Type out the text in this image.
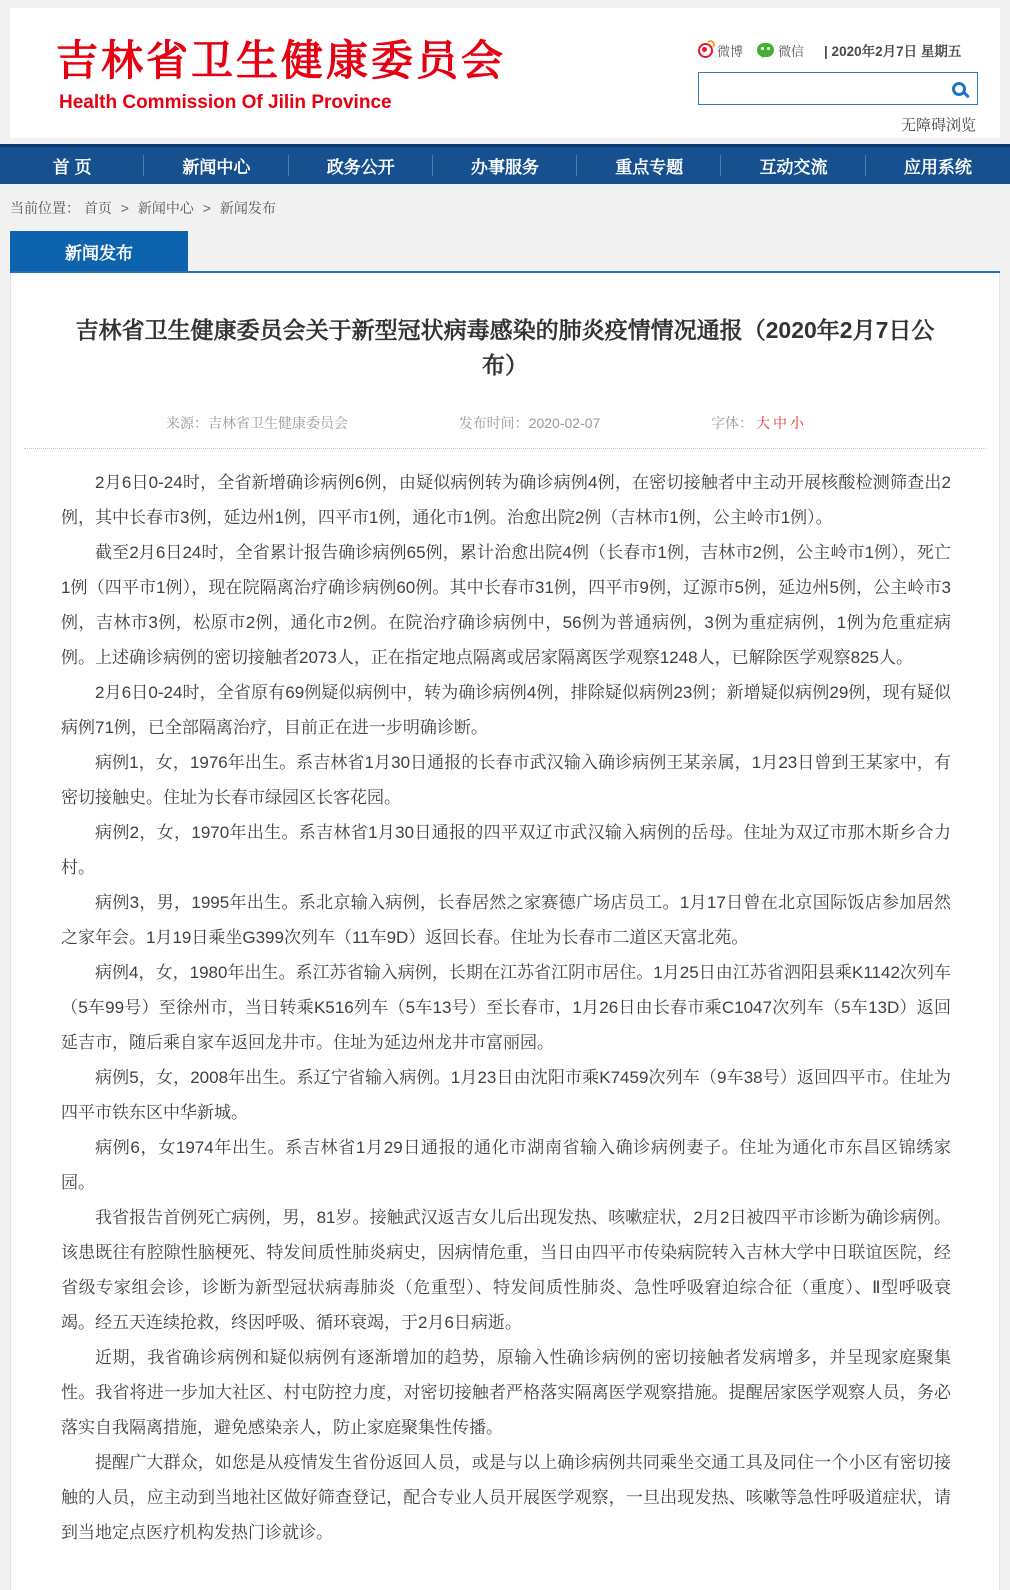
吉林省卫生健康委员会
Health Commission Of Jilin Province
微博	微信 | 2020年2月7日 星期五
无障碍浏览
首 页	新闻中心	政务公开	办事服务	重点专题	互动交流	应用系统
当前位置： 首页 > 新闻中心 > 新闻发布
新闻发布
吉林省卫生健康委员会关于新型冠状病毒感染的肺炎疫情情况通报（2020年2月7日公布）
来源：吉林省卫生健康委员会	发布时间：2020-02-07	字体： 大 中 小

2月6日0-24时，全省新增确诊病例6例，由疑似病例转为确诊病例4例，在密切接触者中主动开展核酸检测筛查出2例，其中长春市3例，延边州1例，四平市1例，通化市1例。治愈出院2例（吉林市1例，公主岭市1例）。

截至2月6日24时，全省累计报告确诊病例65例，累计治愈出院4例（长春市1例，吉林市2例，公主岭市1例），死亡1例（四平市1例），现在院隔离治疗确诊病例60例。其中长春市31例，四平市9例，辽源市5例，延边州5例，公主岭市3例，吉林市3例，松原市2例，通化市2例。在院治疗确诊病例中，56例为普通病例，3例为重症病例，1例为危重症病例。上述确诊病例的密切接触者2073人，正在指定地点隔离或居家隔离医学观察1248人，已解除医学观察825人。

2月6日0-24时，全省原有69例疑似病例中，转为确诊病例4例，排除疑似病例23例；新增疑似病例29例，现有疑似病例71例，已全部隔离治疗，目前正在进一步明确诊断。

病例1，女，1976年出生。系吉林省1月30日通报的长春市武汉输入确诊病例王某亲属，1月23日曾到王某家中，有密切接触史。住址为长春市绿园区长客花园。

病例2，女，1970年出生。系吉林省1月30日通报的四平双辽市武汉输入病例的岳母。住址为双辽市那木斯乡合力村。

病例3，男，1995年出生。系北京输入病例，长春居然之家赛德广场店员工。1月17日曾在北京国际饭店参加居然之家年会。1月19日乘坐G399次列车（11车9D）返回长春。住址为长春市二道区天富北苑。

病例4，女，1980年出生。系江苏省输入病例，长期在江苏省江阴市居住。1月25日由江苏省泗阳县乘K1142次列车（5车99号）至徐州市，当日转乘K516列车（5车13号）至长春市，1月26日由长春市乘C1047次列车（5车13D）返回延吉市，随后乘自家车返回龙井市。住址为延边州龙井市富丽园。

病例5，女，2008年出生。系辽宁省输入病例。1月23日由沈阳市乘K7459次列车（9车38号）返回四平市。住址为四平市铁东区中华新城。

病例6，女1974年出生。系吉林省1月29日通报的通化市湖南省输入确诊病例妻子。住址为通化市东昌区锦绣家园。

我省报告首例死亡病例，男，81岁。接触武汉返吉女儿后出现发热、咳嗽症状，2月2日被四平市诊断为确诊病例。该患既往有腔隙性脑梗死、特发间质性肺炎病史，因病情危重，当日由四平市传染病院转入吉林大学中日联谊医院，经省级专家组会诊，诊断为新型冠状病毒肺炎（危重型）、特发间质性肺炎、急性呼吸窘迫综合征（重度）、Ⅱ型呼吸衰竭。经五天连续抢救，终因呼吸、循环衰竭，于2月6日病逝。

近期，我省确诊病例和疑似病例有逐渐增加的趋势，原输入性确诊病例的密切接触者发病增多，并呈现家庭聚集性。我省将进一步加大社区、村屯防控力度，对密切接触者严格落实隔离医学观察措施。提醒居家医学观察人员，务必落实自我隔离措施，避免感染亲人，防止家庭聚集性传播。

提醒广大群众，如您是从疫情发生省份返回人员，或是与以上确诊病例共同乘坐交通工具及同住一个小区有密切接触的人员，应主动到当地社区做好筛查登记，配合专业人员开展医学观察，一旦出现发热、咳嗽等急性呼吸道症状，请到当地定点医疗机构发热门诊就诊。
